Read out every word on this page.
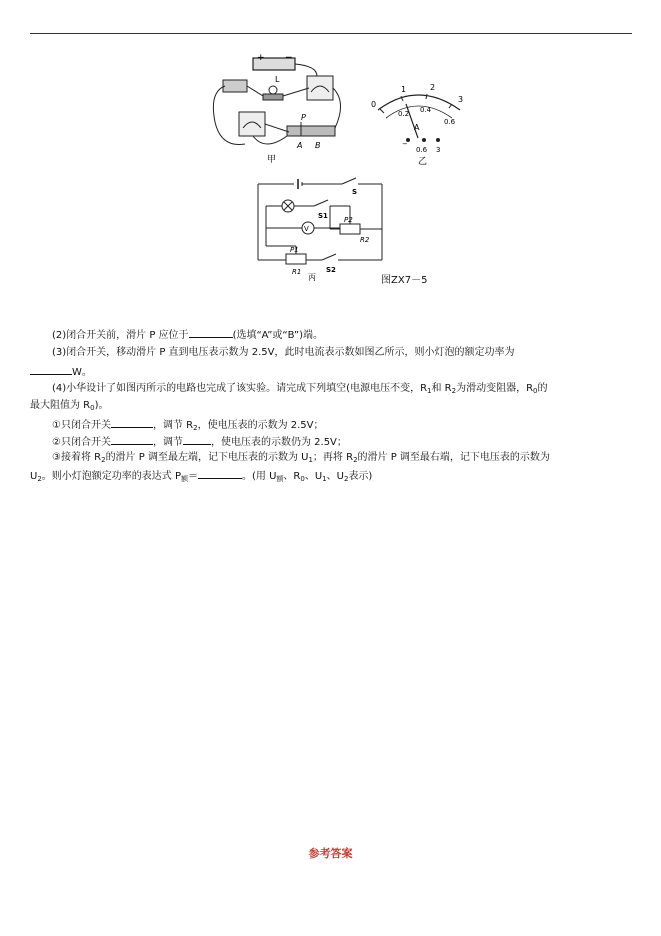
+ −
L
P
A B
甲
0
1	2
3
0.2 0.4
0.6
A
−
0.6 3
乙
V
S
S1
S2
P2
R2
P1
R1
丙	图ZX7－5
(2)闭合开关前，滑片 P 应位于	(选填“A”或“B”)端。
(3)闭合开关，移动滑片 P 直到电压表示数为 2.5V，此时电流表示数如图乙所示，则小灯泡的额定功率为
W。
(4)小华设计了如图丙所示的电路也完成了该实验。请完成下列填空(电源电压不变，$R_1$和 $R_2$为滑动变阻器，$R_0$的
最大阻值为 $R_0$)。
①只闭合开关	，调节 $R_2$，使电压表的示数为 2.5V；
②只闭合开关	，调节	，使电压表的示数仍为 2.5V；
③接着将 $R_2$的滑片 P 调至最左端，记下电压表的示数为 $U_1$；再将 $R_2$的滑片 P 调至最右端，记下电压表的示数为
$U_2$。则小灯泡额定功率的表达式 $P_额=$	。(用 $U_额$、$R_0$、$U_1$、$U_2$表示)
参考答案
